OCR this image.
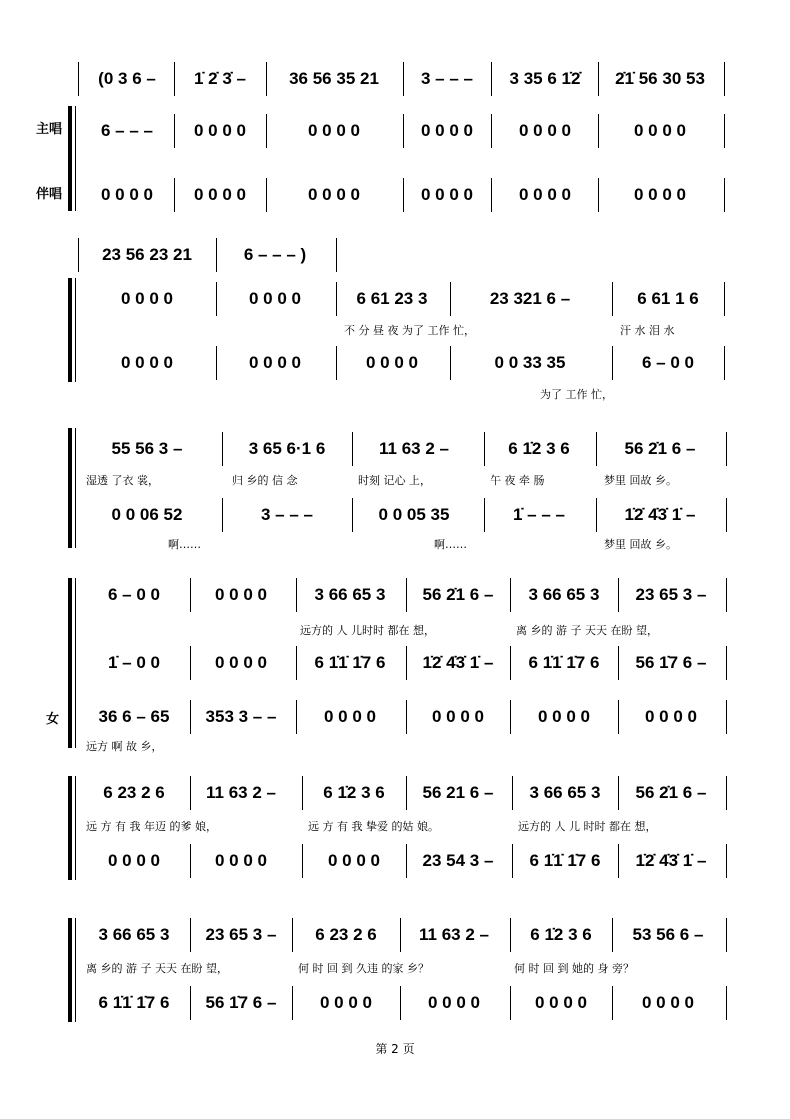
主唱
伴唱
(0 3 6 –	1̇ 2̇ 3̇ –	36 56 35 21	3 – – –	3 35 6 1̇2̇	2̇1̇ 56 30 53
6 – – –	0 0 0 0	0 0 0 0	0 0 0 0	0 0 0 0	0 0 0 0
0 0 0 0	0 0 0 0	0 0 0 0	0 0 0 0	0 0 0 0	0 0 0 0
23 56 23 21	6 – – – )
0 0 0 0	0 0 0 0	6 61 23 3	23 321 6 –	6 61 1 6
不 分 昼 夜 为了 工作 忙，	汗 水 泪 水
0 0 0 0	0 0 0 0	0 0 0 0	0 0 33 35	6 – 0 0
为了 工作 忙，
55 56 3 –	3 65 6·1 6	11 63 2 –	6 1̇2 3 6	56 2̇1 6 –
湿透 了衣 裳，	归 乡的 信 念	时刻 记心 上，	午 夜 牵 肠	梦里 回故 乡。
0 0 06 52	3 – – –	0 0 05 35	1̇ – – –	1̇2̇ 4̇3̇ 1̇ –
啊……	啊……	梦里 回故 乡。
女
6 – 0 0	0 0 0 0	3 66 65 3	56 2̇1 6 –	3 66 65 3	23 65 3 –
远方的 人 儿时时 都在 想，	离 乡的 游 子 天天 在盼 望，
1̇ – 0 0	0 0 0 0	6 1̇1̇ 1̇7 6	1̇2̇ 4̇3̇ 1̇ –	6 1̇1̇ 1̇7 6	56 1̇7 6 –
36 6 – 65	353 3 – –	0 0 0 0	0 0 0 0	0 0 0 0	0 0 0 0
远方 啊 故 乡，
6 23 2 6	11 63 2 –	6 1̇2 3 6	56 21 6 –	3 66 65 3	56 2̇1 6 –
远 方 有 我 年迈 的爹 娘，	远 方 有 我 挚爱 的姑 娘。	远方的 人 儿 时时 都在 想，
0 0 0 0	0 0 0 0	0 0 0 0	23 54 3 –	6 1̇1̇ 1̇7 6	1̇2̇ 4̇3̇ 1̇ –
3 66 65 3	23 65 3 –	6 23 2 6	11 63 2 –	6 1̇2 3 6	53 56 6 –
离 乡的 游 子 天天 在盼 望，	何 时 回 到 久违 的家 乡？	何 时 回 到 她的 身 旁？
6 1̇1̇ 1̇7 6	56 1̇7 6 –	0 0 0 0	0 0 0 0	0 0 0 0	0 0 0 0
第 2 页
